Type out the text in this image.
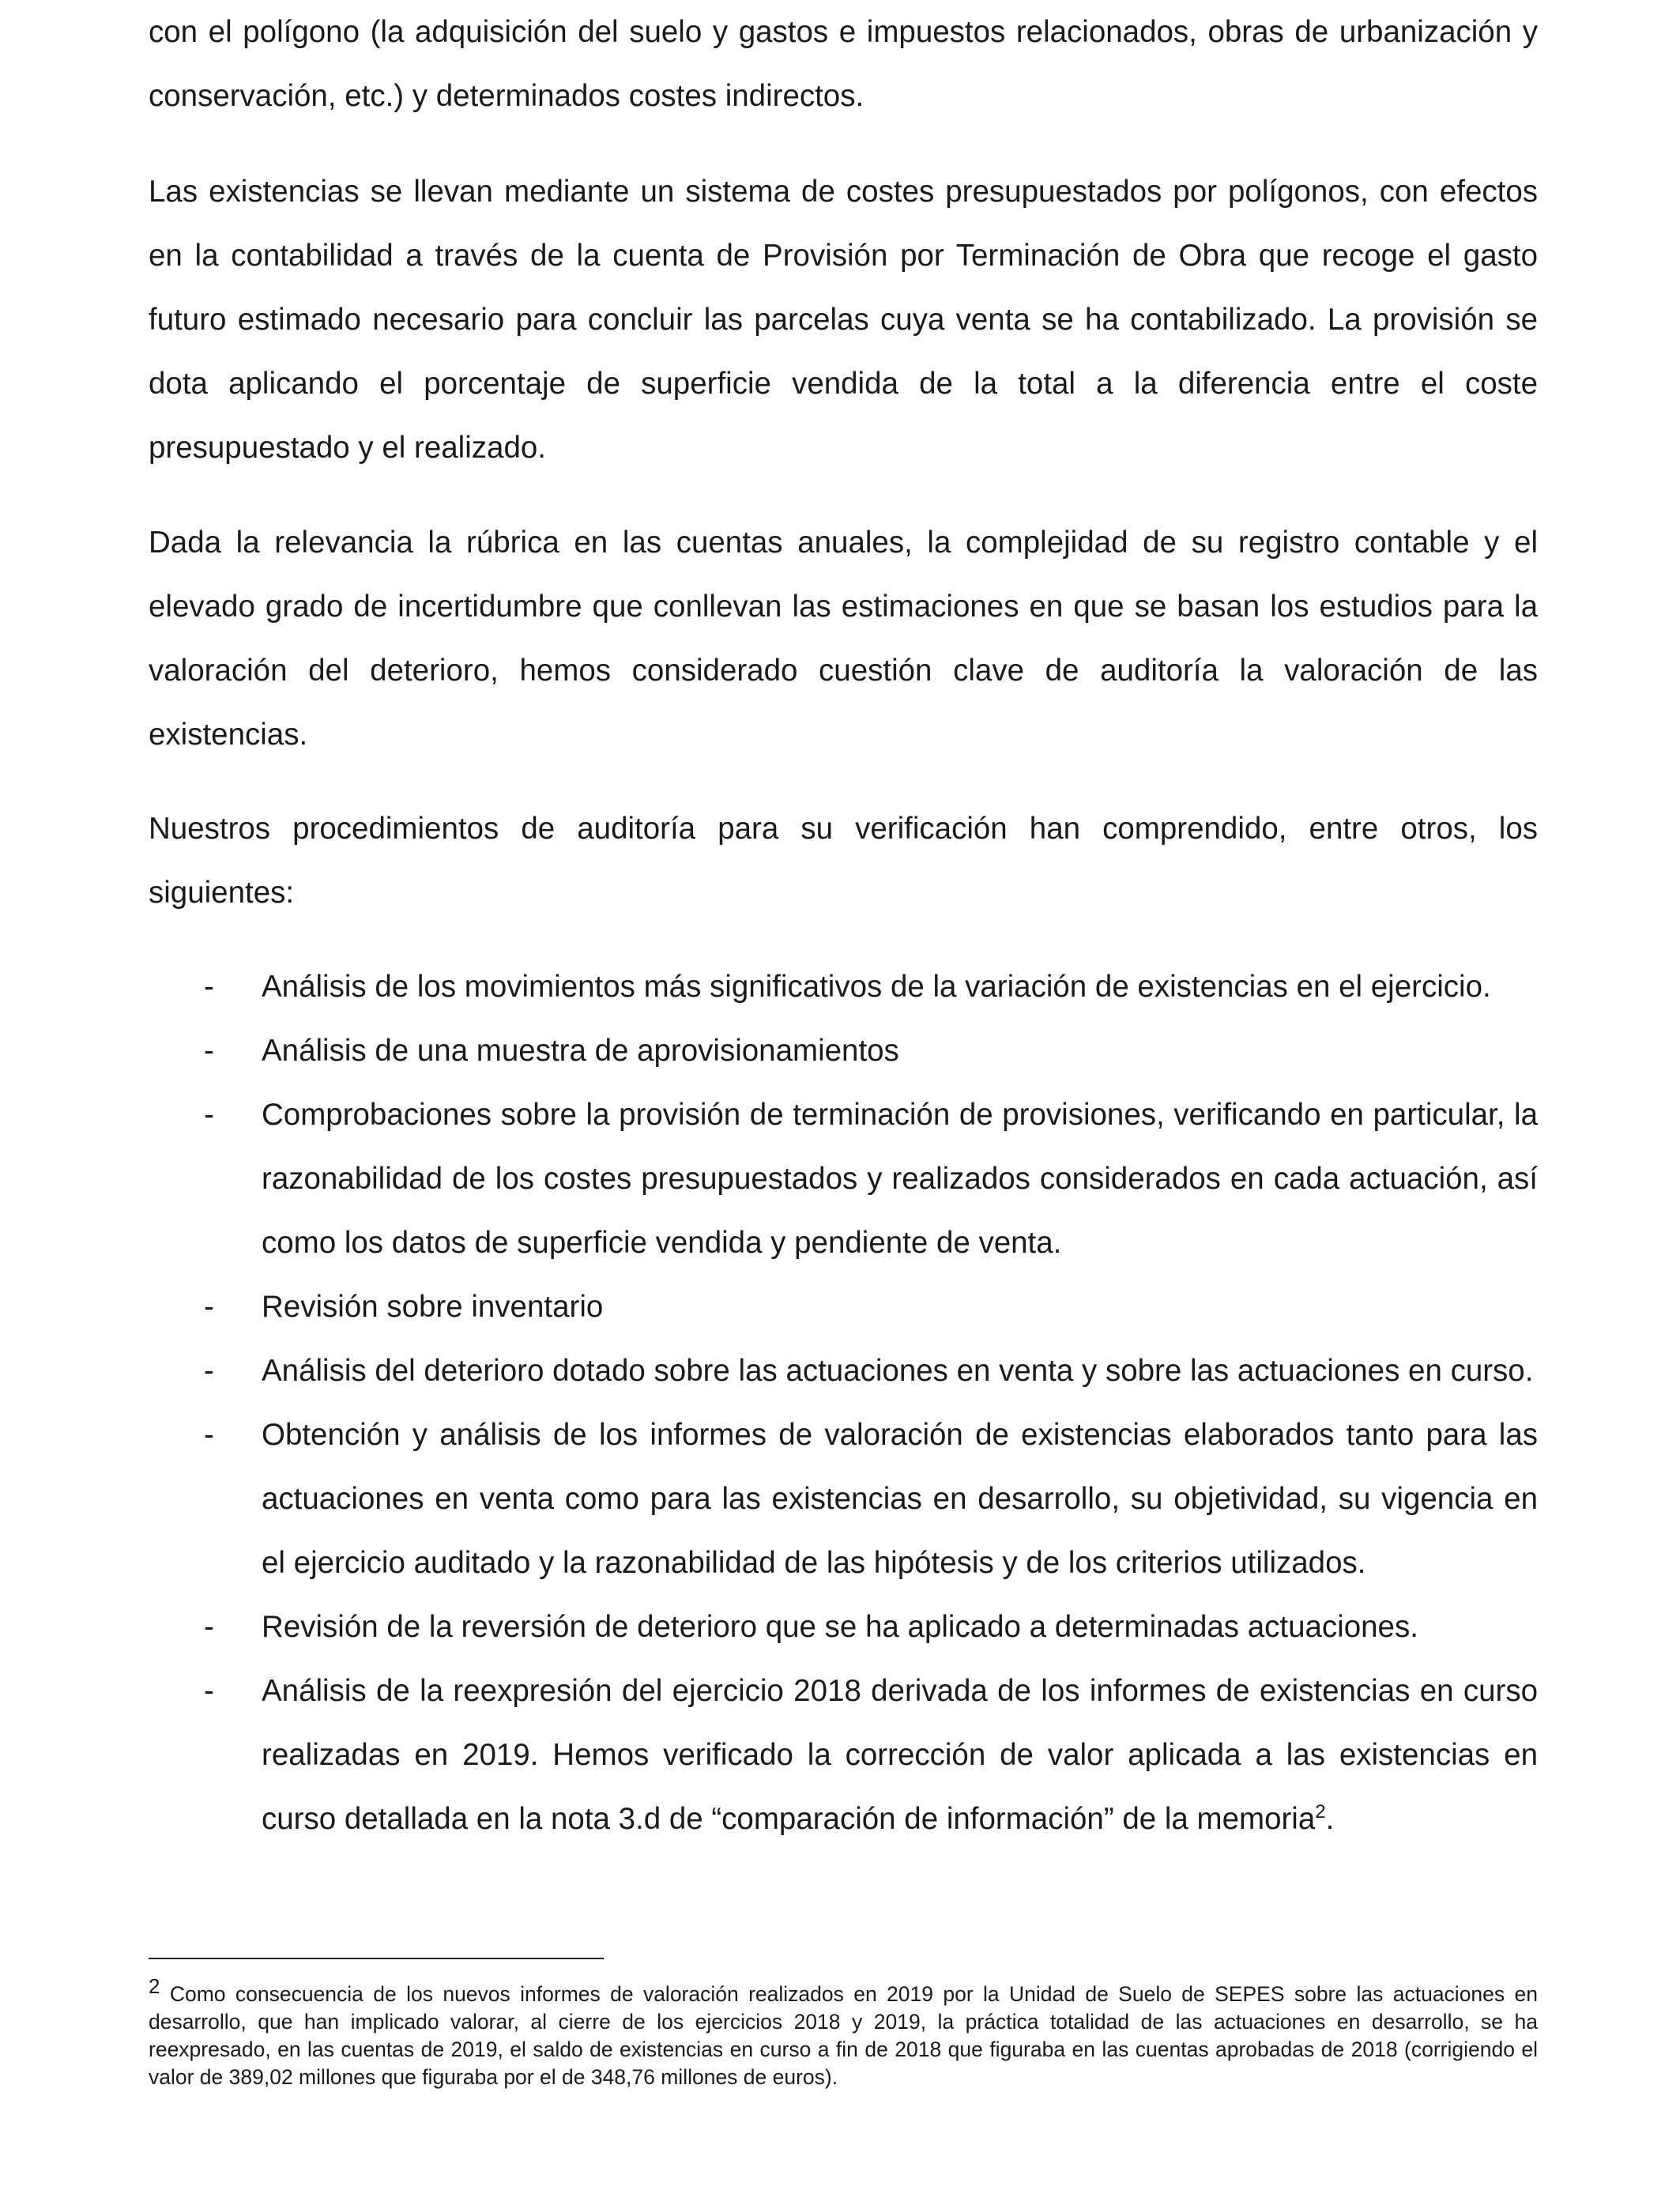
con el polígono (la adquisición del suelo y gastos e impuestos relacionados, obras de urbanización y conservación, etc.) y determinados costes indirectos.

Las existencias se llevan mediante un sistema de costes presupuestados por polígonos, con efectos en la contabilidad a través de la cuenta de Provisión por Terminación de Obra que recoge el gasto futuro estimado necesario para concluir las parcelas cuya venta se ha contabilizado. La provisión se dota aplicando el porcentaje de superficie vendida de la total a la diferencia entre el coste presupuestado y el realizado.

Dada la relevancia la rúbrica en las cuentas anuales, la complejidad de su registro contable y el elevado grado de incertidumbre que conllevan las estimaciones en que se basan los estudios para la valoración del deterioro, hemos considerado cuestión clave de auditoría la valoración de las existencias.

Nuestros procedimientos de auditoría para su verificación han comprendido, entre otros, los siguientes:

- Análisis de los movimientos más significativos de la variación de existencias en el ejercicio.
- Análisis de una muestra de aprovisionamientos
- Comprobaciones sobre la provisión de terminación de provisiones, verificando en particular, la razonabilidad de los costes presupuestados y realizados considerados en cada actuación, así como los datos de superficie vendida y pendiente de venta.
- Revisión sobre inventario
- Análisis del deterioro dotado sobre las actuaciones en venta y sobre las actuaciones en curso.
- Obtención y análisis de los informes de valoración de existencias elaborados tanto para las actuaciones en venta como para las existencias en desarrollo, su objetividad, su vigencia en el ejercicio auditado y la razonabilidad de las hipótesis y de los criterios utilizados.
- Revisión de la reversión de deterioro que se ha aplicado a determinadas actuaciones.
- Análisis de la reexpresión del ejercicio 2018 derivada de los informes de existencias en curso realizadas en 2019. Hemos verificado la corrección de valor aplicada a las existencias en curso detallada en la nota 3.d de “comparación de información” de la memoria$^2$.

2 Como consecuencia de los nuevos informes de valoración realizados en 2019 por la Unidad de Suelo de SEPES sobre las actuaciones en desarrollo, que han implicado valorar, al cierre de los ejercicios 2018 y 2019, la práctica totalidad de las actuaciones en desarrollo, se ha reexpresado, en las cuentas de 2019, el saldo de existencias en curso a fin de 2018 que figuraba en las cuentas aprobadas de 2018 (corrigiendo el valor de 389,02 millones que figuraba por el de 348,76 millones de euros).
